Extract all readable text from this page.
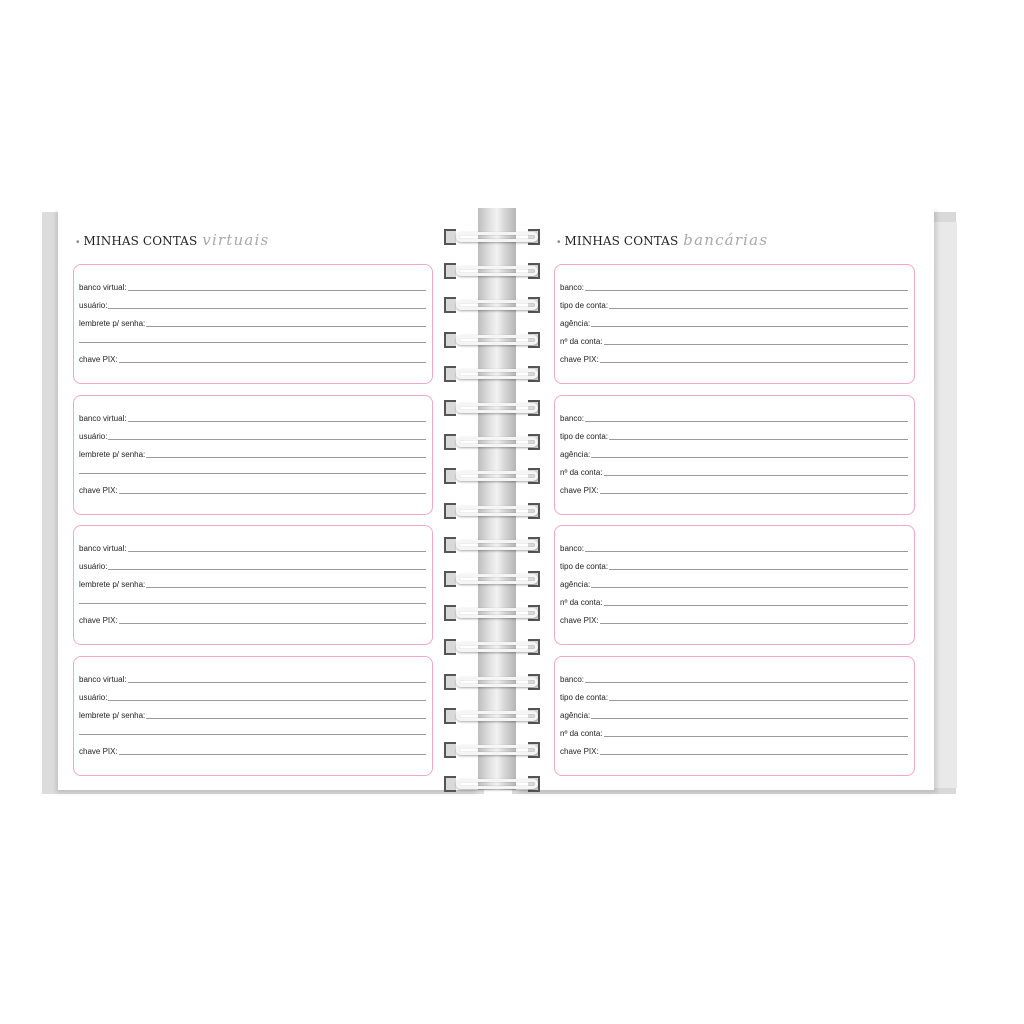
• MINHAS CONTAS virtuais	• MINHAS CONTAS bancárias
banco virtual:
usuário:
lembrete p/ senha:
chave PIX:
banco virtual:
usuário:
lembrete p/ senha:
chave PIX:
banco virtual:
usuário:
lembrete p/ senha:
chave PIX:
banco virtual:
usuário:
lembrete p/ senha:
chave PIX:
banco:
tipo de conta:
agência:
nº da conta:
chave PIX:
banco:
tipo de conta:
agência:
nº da conta:
chave PIX:
banco:
tipo de conta:
agência:
nº da conta:
chave PIX:
banco:
tipo de conta:
agência:
nº da conta:
chave PIX:
